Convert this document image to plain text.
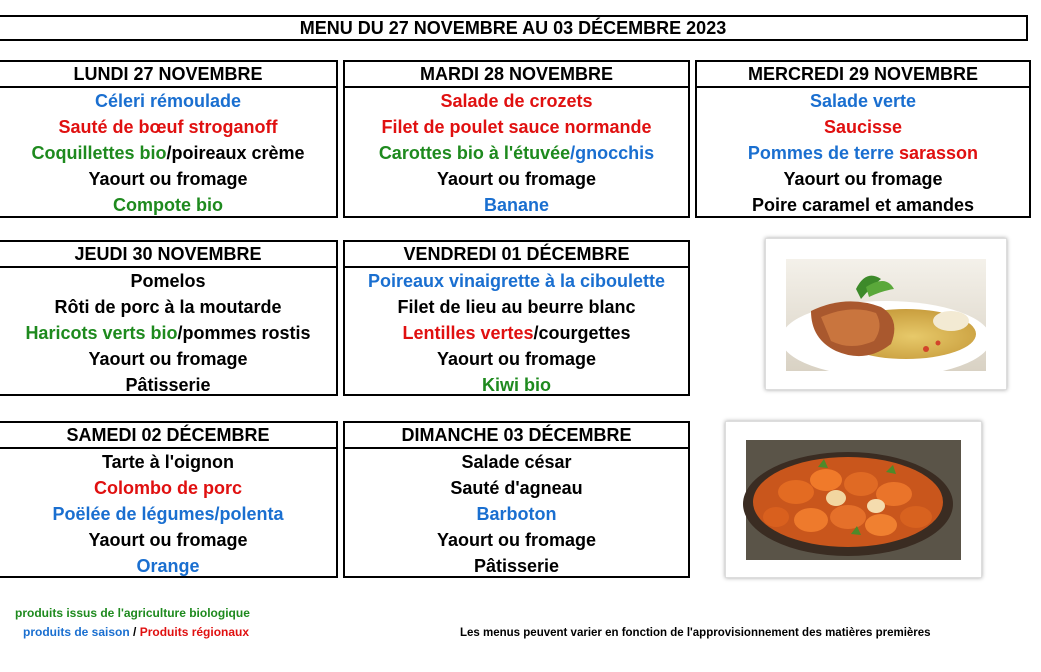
MENU DU 27 NOVEMBRE AU 03 DÉCEMBRE 2023
LUNDI 27 NOVEMBRE
Céleri rémoulade
Sauté de bœuf stroganoff
Coquillettes bio/poireaux crème
Yaourt ou fromage
Compote bio
MARDI 28 NOVEMBRE
Salade de crozets
Filet de poulet sauce normande
Carottes bio à l'étuvée/gnocchis
Yaourt ou fromage
Banane
MERCREDI 29 NOVEMBRE
Salade verte
Saucisse
Pommes de terre sarasson
Yaourt ou fromage
Poire caramel et amandes
JEUDI 30 NOVEMBRE
Pomelos
Rôti de porc à la moutarde
Haricots verts bio/pommes rostis
Yaourt ou fromage
Pâtisserie
VENDREDI 01 DÉCEMBRE
Poireaux vinaigrette à la ciboulette
Filet de lieu au beurre blanc
Lentilles vertes/courgettes
Yaourt ou fromage
Kiwi bio
SAMEDI 02 DÉCEMBRE
Tarte à l'oignon
Colombo de porc
Poëlée de légumes/polenta
Yaourt ou fromage
Orange
DIMANCHE 03 DÉCEMBRE
Salade césar
Sauté d'agneau
Barboton
Yaourt ou fromage
Pâtisserie
produits issus de l'agriculture biologique
produits de saison / Produits régionaux	Les menus peuvent varier en fonction de l'approvisionnement des matières premières
